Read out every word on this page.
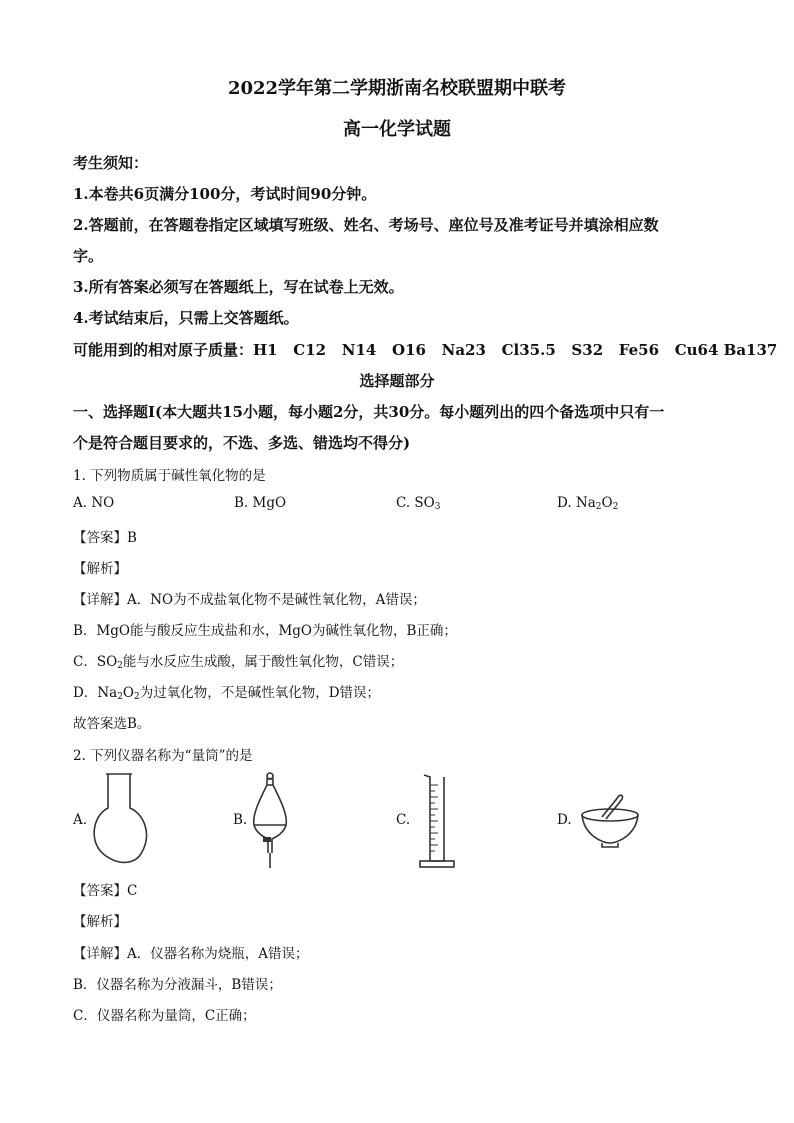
2022学年第二学期浙南名校联盟期中联考
高一化学试题
考生须知：
1.本卷共6页满分100分，考试时间90分钟。
2.答题前，在答题卷指定区域填写班级、姓名、考场号、座位号及准考证号并填涂相应数
字。
3.所有答案必须写在答题纸上，写在试卷上无效。
4.考试结束后，只需上交答题纸。
可能用到的相对原子质量：H1   C12   N14   O16   Na23   Cl35.5   S32   Fe56   Cu64 Ba137
选择题部分
一、选择题I(本大题共15小题，每小题2分，共30分。每小题列出的四个备选项中只有一
个是符合题目要求的，不选、多选、错选均不得分)
1. 下列物质属于碱性氧化物的是
A. NO	B. MgO	C. $SO_3$	D. $Na_2O_2$
【答案】B
【解析】
【详解】A．NO为不成盐氧化物不是碱性氧化物，A错误；
B．MgO能与酸反应生成盐和水，MgO为碱性氧化物，B正确；
C．$SO_2$能与水反应生成酸，属于酸性氧化物，C错误；
D．$Na_2O_2$为过氧化物，不是碱性氧化物，D错误；
故答案选B。
2. 下列仪器名称为“量筒”的是
A.	B.	C.	D.
【答案】C
【解析】
【详解】A．仪器名称为烧瓶，A错误；
B．仪器名称为分液漏斗，B错误；
C．仪器名称为量筒，C正确；
